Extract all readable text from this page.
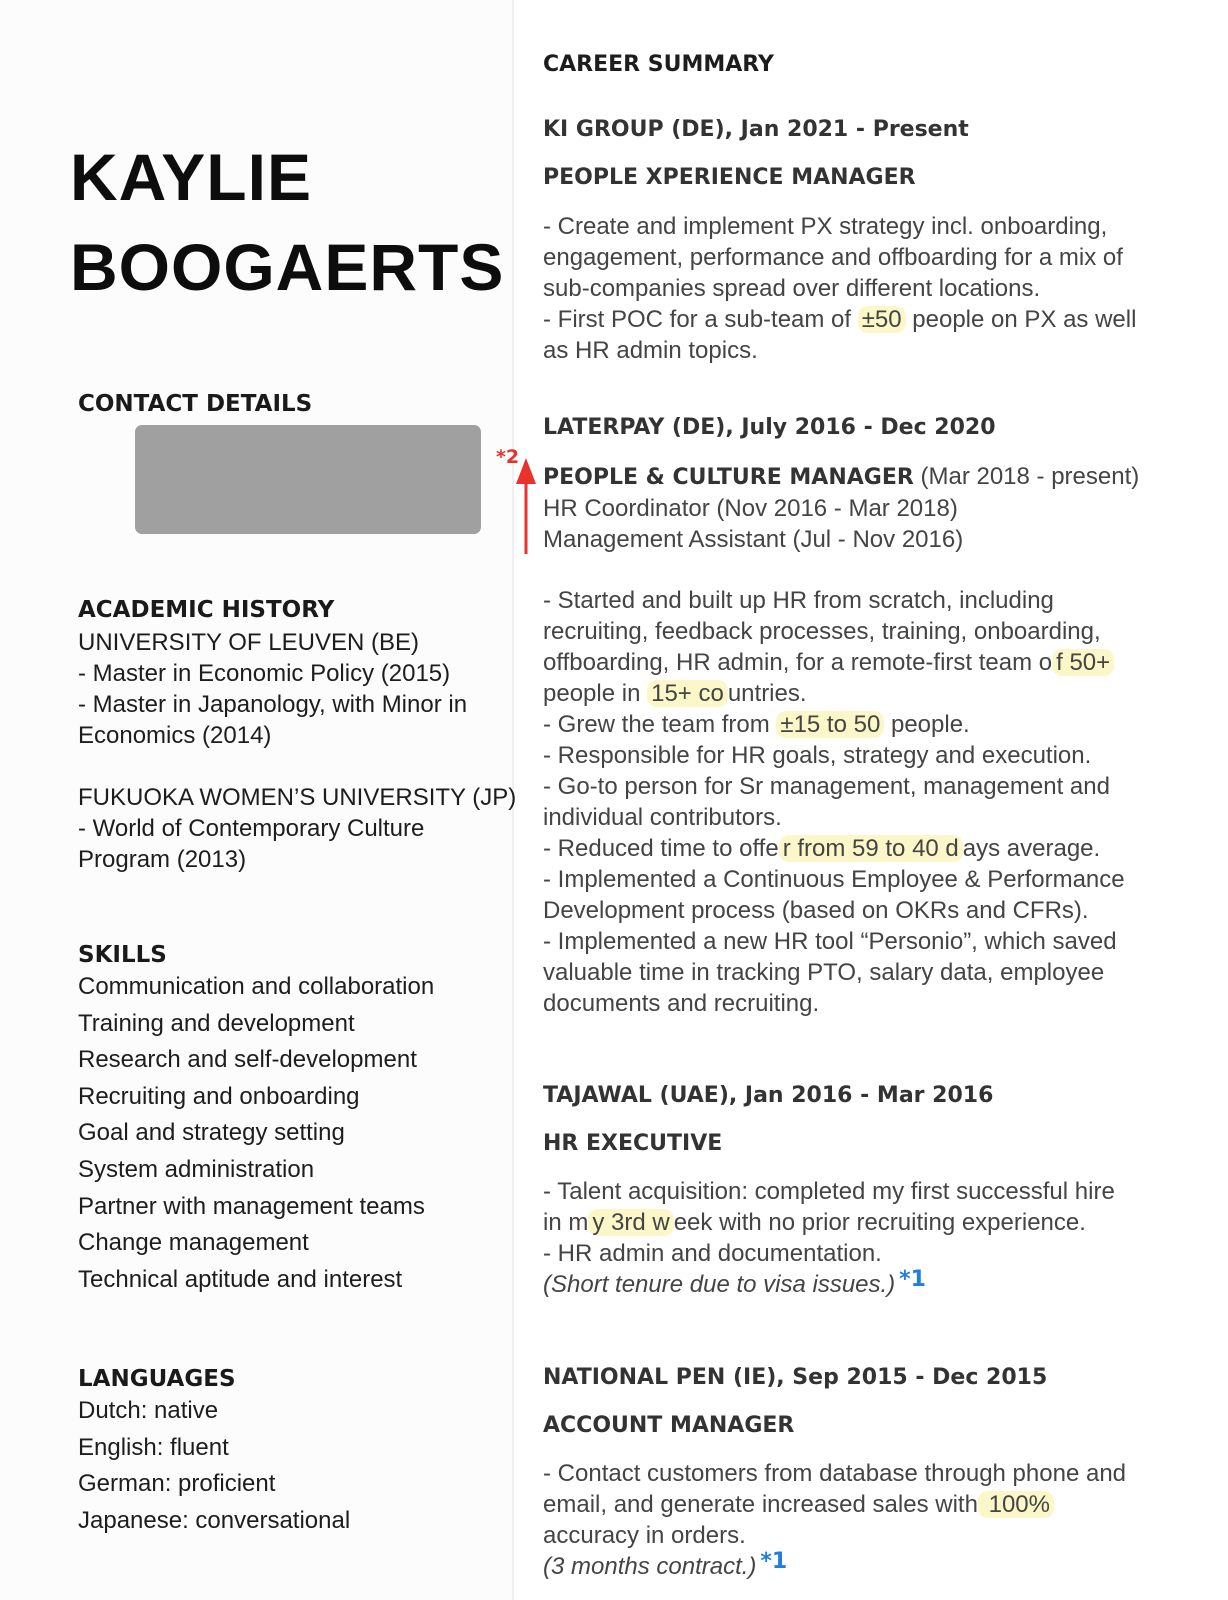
KAYLIE
BOOGAERTS
CONTACT DETAILS
*2
ACADEMIC HISTORY
UNIVERSITY OF LEUVEN (BE)
- Master in Economic Policy (2015)
- Master in Japanology, with Minor in
Economics (2014)
FUKUOKA WOMEN’S UNIVERSITY (JP)
- World of Contemporary Culture
Program (2013)
SKILLS
Communication and collaboration
Training and development
Research and self-development
Recruiting and onboarding
Goal and strategy setting
System administration
Partner with management teams
Change management
Technical aptitude and interest
LANGUAGES
Dutch: native
English: fluent
German: proficient
Japanese: conversational
CAREER SUMMARY
KI GROUP (DE), Jan 2021 - Present
PEOPLE XPERIENCE MANAGER
- Create and implement PX strategy incl. onboarding,
engagement, performance and offboarding for a mix of
sub-companies spread over different locations.
- First POC for a sub-team of ±50 people on PX as well
as HR admin topics.
LATERPAY (DE), July 2016 - Dec 2020
PEOPLE & CULTURE MANAGER (Mar 2018 - present)
HR Coordinator (Nov 2016 - Mar 2018)
Management Assistant (Jul - Nov 2016)
- Started and built up HR from scratch, including
recruiting, feedback processes, training, onboarding,
offboarding, HR admin, for a remote-first team o f 50+
people in 15+ co untries.
- Grew the team from ±15 to 50 people.
- Responsible for HR goals, strategy and execution.
- Go-to person for Sr management, management and
individual contributors.
- Reduced time to offe r from 59 to 40 d ays average.
- Implemented a Continuous Employee & Performance
Development process (based on OKRs and CFRs).
- Implemented a new HR tool “Personio”, which saved
valuable time in tracking PTO, salary data, employee
documents and recruiting.
TAJAWAL (UAE), Jan 2016 - Mar 2016
HR EXECUTIVE
- Talent acquisition: completed my first successful hire
in m y 3rd w eek with no prior recruiting experience.
- HR admin and documentation.
(Short tenure due to visa issues.) *1
NATIONAL PEN (IE), Sep 2015 - Dec 2015
ACCOUNT MANAGER
- Contact customers from database through phone and
email, and generate increased sales with 100%
accuracy in orders.
(3 months contract.) *1
